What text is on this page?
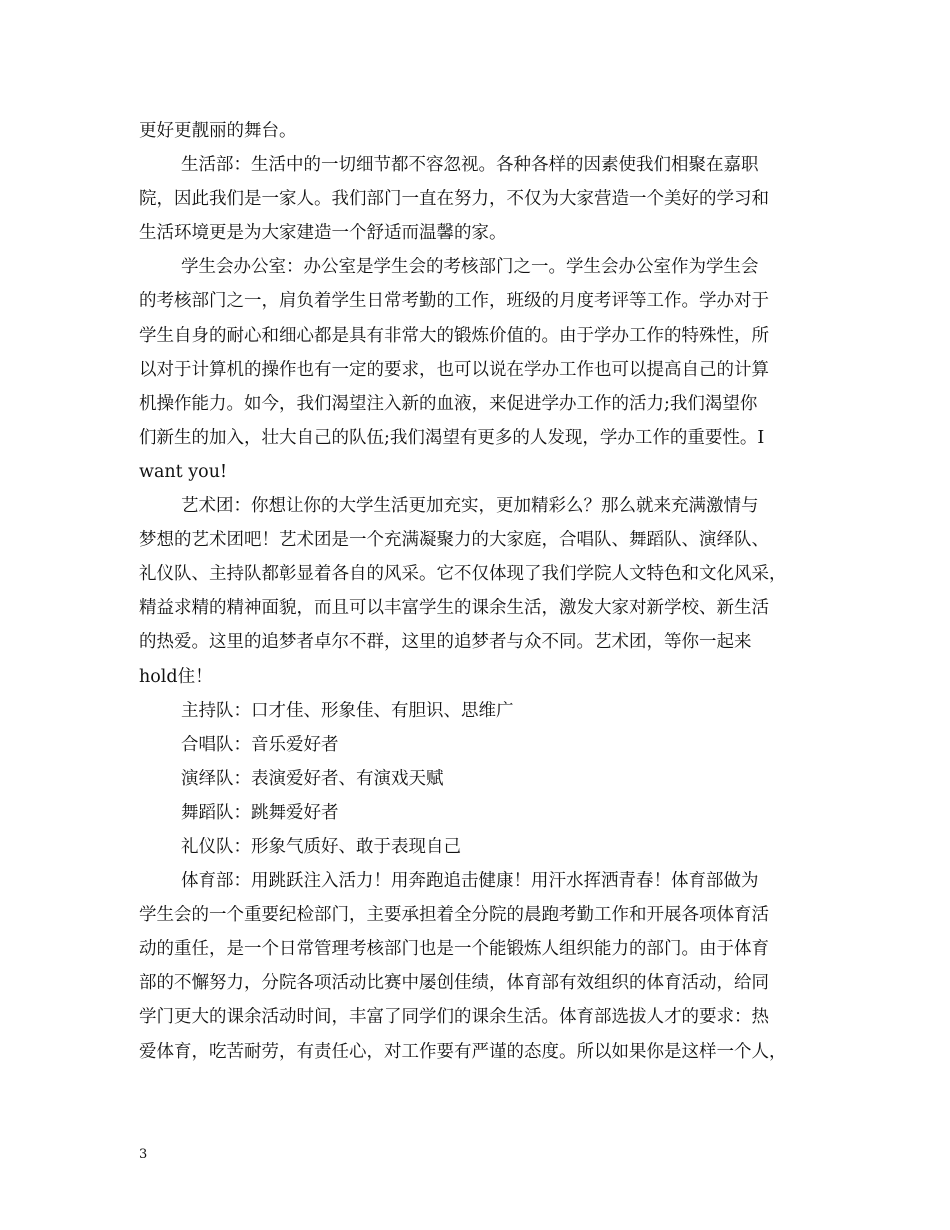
更好更靓丽的舞台。
生活部：生活中的一切细节都不容忽视。各种各样的因素使我们相聚在嘉职
院，因此我们是一家人。我们部门一直在努力，不仅为大家营造一个美好的学习和
生活环境更是为大家建造一个舒适而温馨的家。
学生会办公室：办公室是学生会的考核部门之一。学生会办公室作为学生会
的考核部门之一，肩负着学生日常考勤的工作，班级的月度考评等工作。学办对于
学生自身的耐心和细心都是具有非常大的锻炼价值的。由于学办工作的特殊性，所
以对于计算机的操作也有一定的要求，也可以说在学办工作也可以提高自己的计算
机操作能力。如今，我们渴望注入新的血液，来促进学办工作的活力;我们渴望你
们新生的加入，壮大自己的队伍;我们渴望有更多的人发现，学办工作的重要性。I
want you!
艺术团：你想让你的大学生活更加充实，更加精彩么？那么就来充满激情与
梦想的艺术团吧！艺术团是一个充满凝聚力的大家庭，合唱队、舞蹈队、演绎队、
礼仪队、主持队都彰显着各自的风采。它不仅体现了我们学院人文特色和文化风采，
精益求精的精神面貌，而且可以丰富学生的课余生活，激发大家对新学校、新生活
的热爱。这里的追梦者卓尔不群，这里的追梦者与众不同。艺术团，等你一起来
hold住！
主持队：口才佳、形象佳、有胆识、思维广
合唱队：音乐爱好者
演绎队：表演爱好者、有演戏天赋
舞蹈队：跳舞爱好者
礼仪队：形象气质好、敢于表现自己
体育部：用跳跃注入活力！用奔跑追击健康！用汗水挥洒青春！体育部做为
学生会的一个重要纪检部门，主要承担着全分院的晨跑考勤工作和开展各项体育活
动的重任，是一个日常管理考核部门也是一个能锻炼人组织能力的部门。由于体育
部的不懈努力，分院各项活动比赛中屡创佳绩，体育部有效组织的体育活动，给同
学门更大的课余活动时间，丰富了同学们的课余生活。体育部选拔人才的要求：热
爱体育，吃苦耐劳，有责任心，对工作要有严谨的态度。所以如果你是这样一个人，

3
